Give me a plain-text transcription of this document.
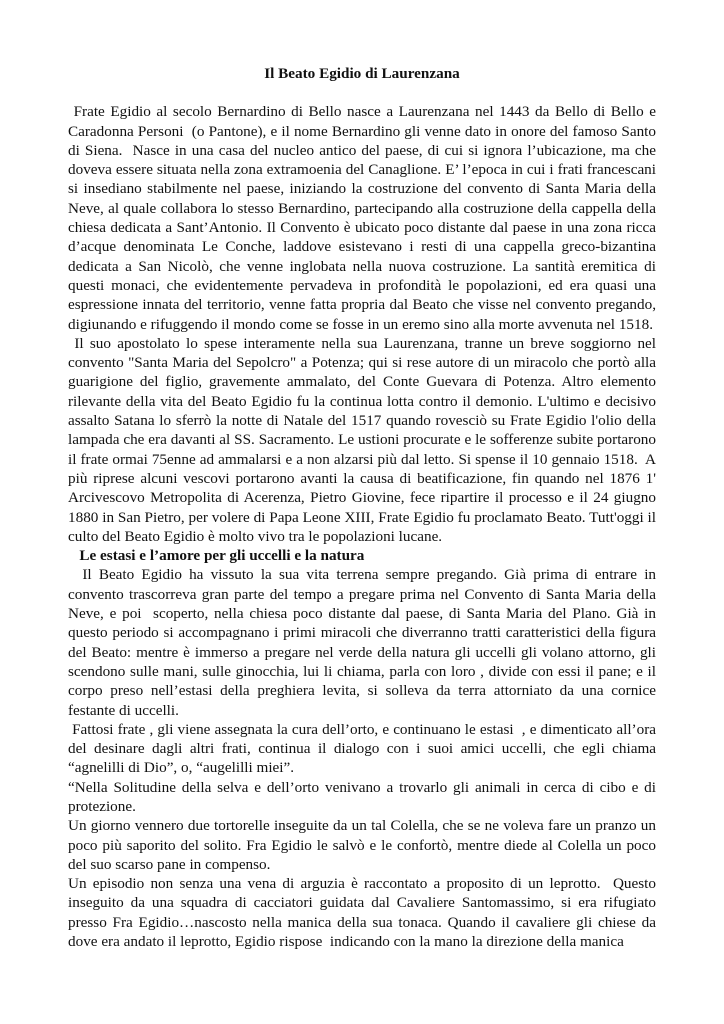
Il Beato Egidio di Laurenzana

Frate Egidio al secolo Bernardino di Bello nasce a Laurenzana nel 1443 da Bello di Bello e Caradonna Personi  (o Pantone), e il nome Bernardino gli venne dato in onore del famoso Santo di Siena.  Nasce in una casa del nucleo antico del paese, di cui si ignora l’ubicazione, ma che doveva essere situata nella zona extramoenia del Canaglione. E’ l’epoca in cui i frati francescani si insediano stabilmente nel paese, iniziando la costruzione del convento di Santa Maria della Neve, al quale collabora lo stesso Bernardino, partecipando alla costruzione della cappella della chiesa dedicata a Sant’Antonio. Il Convento è ubicato poco distante dal paese in una zona ricca d’acque denominata Le Conche, laddove esistevano i resti di una cappella greco-bizantina dedicata a San Nicolò, che venne inglobata nella nuova costruzione. La santità eremitica di questi monaci, che evidentemente pervadeva in profondità le popolazioni, ed era quasi una espressione innata del territorio, venne fatta propria dal Beato che visse nel convento pregando, digiunando e rifuggendo il mondo come se fosse in un eremo sino alla morte avvenuta nel 1518.

Il suo apostolato lo spese interamente nella sua Laurenzana, tranne un breve soggiorno nel convento "Santa Maria del Sepolcro" a Potenza; qui si rese autore di un miracolo che portò alla guarigione del figlio, gravemente ammalato, del Conte Guevara di Potenza. Altro elemento rilevante della vita del Beato Egidio fu la continua lotta contro il demonio. L'ultimo e decisivo assalto Satana lo sferrò la notte di Natale del 1517 quando rovesciò su Frate Egidio l'olio della lampada che era davanti al SS. Sacramento. Le ustioni procurate e le sofferenze subite portarono il frate ormai 75enne ad ammalarsi e a non alzarsi più dal letto. Si spense il 10 gennaio 1518.  A più riprese alcuni vescovi portarono avanti la causa di beatificazione, fin quando nel 1876 1' Arcivescovo Metropolita di Acerenza, Pietro Giovine, fece ripartire il processo e il 24 giugno 1880 in San Pietro, per volere di Papa Leone XIII, Frate Egidio fu proclamato Beato. Tutt'oggi il culto del Beato Egidio è molto vivo tra le popolazioni lucane.

Le estasi e l’amore per gli uccelli e la natura

Il Beato Egidio ha vissuto la sua vita terrena sempre pregando. Già prima di entrare in convento trascorreva gran parte del tempo a pregare prima nel Convento di Santa Maria della Neve, e poi  scoperto, nella chiesa poco distante dal paese, di Santa Maria del Plano. Già in questo periodo si accompagnano i primi miracoli che diverranno tratti caratteristici della figura del Beato: mentre è immerso a pregare nel verde della natura gli uccelli gli volano attorno, gli scendono sulle mani, sulle ginocchia, lui li chiama, parla con loro , divide con essi il pane; e il corpo preso nell’estasi della preghiera levita, si solleva da terra attorniato da una cornice festante di uccelli.

Fattosi frate , gli viene assegnata la cura dell’orto, e continuano le estasi  , e dimenticato all’ora del desinare dagli altri frati, continua il dialogo con i suoi amici uccelli, che egli chiama “agnelilli di Dio”, o, “augelilli miei”.

“Nella Solitudine della selva e dell’orto venivano a trovarlo gli animali in cerca di cibo e di protezione.

Un giorno vennero due tortorelle inseguite da un tal Colella, che se ne voleva fare un pranzo un poco più saporito del solito. Fra Egidio le salvò e le confortò, mentre diede al Colella un poco del suo scarso pane in compenso.

Un episodio non senza una vena di arguzia è raccontato a proposito di un leprotto.  Questo inseguito da una squadra di cacciatori guidata dal Cavaliere Santomassimo, si era rifugiato presso Fra Egidio…nascosto nella manica della sua tonaca. Quando il cavaliere gli chiese da dove era andato il leprotto, Egidio rispose  indicando con la mano la direzione della manica
